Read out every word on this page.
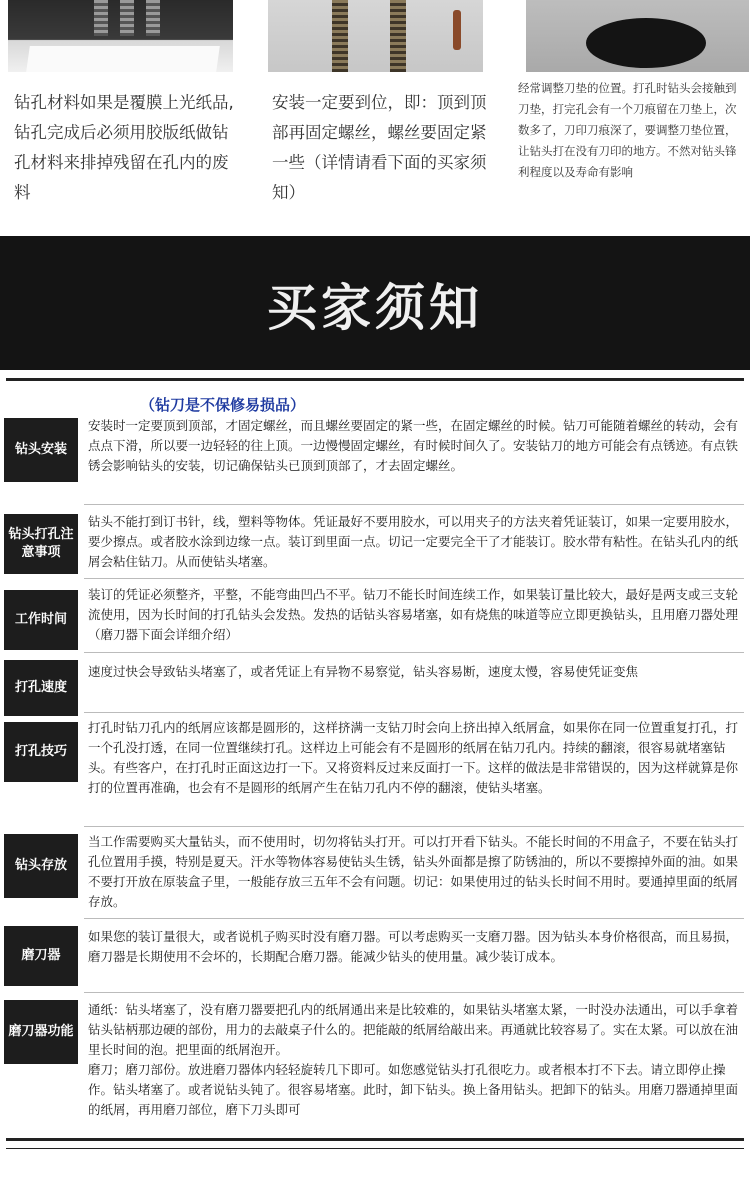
钻孔材料如果是覆膜上光纸品,钻孔完成后必须用胶版纸做钻孔材料来排掉残留在孔内的废料
安装一定要到位，即：顶到顶部再固定螺丝，螺丝要固定紧一些（详情请看下面的买家须知）
经常调整刀垫的位置。打孔时钻头会接触到刀垫，打完孔会有一个刀痕留在刀垫上，次数多了，刀印刀痕深了，要调整刀垫位置，让钻头打在没有刀印的地方。不然对钻头锋利程度以及寿命有影响
买家须知
（钻刀是不保修易损品）
钻头安装
安装时一定要顶到顶部，才固定螺丝，而且螺丝要固定的紧一些，在固定螺丝的时候。钻刀可能随着螺丝的转动，会有点点下滑，所以要一边轻轻的往上顶。一边慢慢固定螺丝，有时候时间久了。安装钻刀的地方可能会有点锈迹。有点铁锈会影响钻头的安装，切记确保钻头已顶到顶部了，才去固定螺丝。
钻头打孔注意事项
钻头不能打到订书针，线，塑料等物体。凭证最好不要用胶水，可以用夹子的方法夹着凭证装订，如果一定要用胶水，要少擦点。或者胶水涂到边缘一点。装订到里面一点。切记一定要完全干了才能装订。胶水带有粘性。在钻头孔内的纸屑会粘住钻刀。从而使钻头堵塞。
工作时间
装订的凭证必须整齐，平整，不能弯曲凹凸不平。钻刀不能长时间连续工作，如果装订量比较大，最好是两支或三支轮流使用，因为长时间的打孔钻头会发热。发热的话钻头容易堵塞，如有烧焦的味道等应立即更换钻头，且用磨刀器处理（磨刀器下面会详细介绍）
打孔速度
速度过快会导致钻头堵塞了，或者凭证上有异物不易察觉，钻头容易断，速度太慢，容易使凭证变焦
打孔技巧
打孔时钻刀孔内的纸屑应该都是圆形的，这样挤满一支钻刀时会向上挤出掉入纸屑盒，如果你在同一位置重复打孔，打一个孔没打透，在同一位置继续打孔。这样边上可能会有不是圆形的纸屑在钻刀孔内。持续的翻滚，很容易就堵塞钻头。有些客户，在打孔时正面这边打一下。又将资料反过来反面打一下。这样的做法是非常错误的，因为这样就算是你打的位置再准确，也会有不是圆形的纸屑产生在钻刀孔内不停的翻滚，使钻头堵塞。
钻头存放
当工作需要购买大量钻头，而不使用时，切勿将钻头打开。可以打开看下钻头。不能长时间的不用盒子，不要在钻头打孔位置用手摸，特别是夏天。汗水等物体容易使钻头生锈，钻头外面都是擦了防锈油的，所以不要擦掉外面的油。如果不要打开放在原装盒子里，一般能存放三五年不会有问题。切记：如果使用过的钻头长时间不用时。要通掉里面的纸屑存放。
磨刀器
如果您的装订量很大，或者说机子购买时没有磨刀器。可以考虑购买一支磨刀器。因为钻头本身价格很高，而且易损，磨刀器是长期使用不会坏的，长期配合磨刀器。能减少钻头的使用量。减少装订成本。
磨刀器功能
通纸：钻头堵塞了，没有磨刀器要把孔内的纸屑通出来是比较难的，如果钻头堵塞太紧，一时没办法通出，可以手拿着钻头钻柄那边硬的部份，用力的去敲桌子什么的。把能敲的纸屑给敲出来。再通就比较容易了。实在太紧。可以放在油里长时间的泡。把里面的纸屑泡开。
磨刀；磨刀部份。放进磨刀器体内轻轻旋转几下即可。如您感觉钻头打孔很吃力。或者根本打不下去。请立即停止操作。钻头堵塞了。或者说钻头钝了。很容易堵塞。此时，卸下钻头。换上备用钻头。把卸下的钻头。用磨刀器通掉里面的纸屑，再用磨刀部位，磨下刀头即可
